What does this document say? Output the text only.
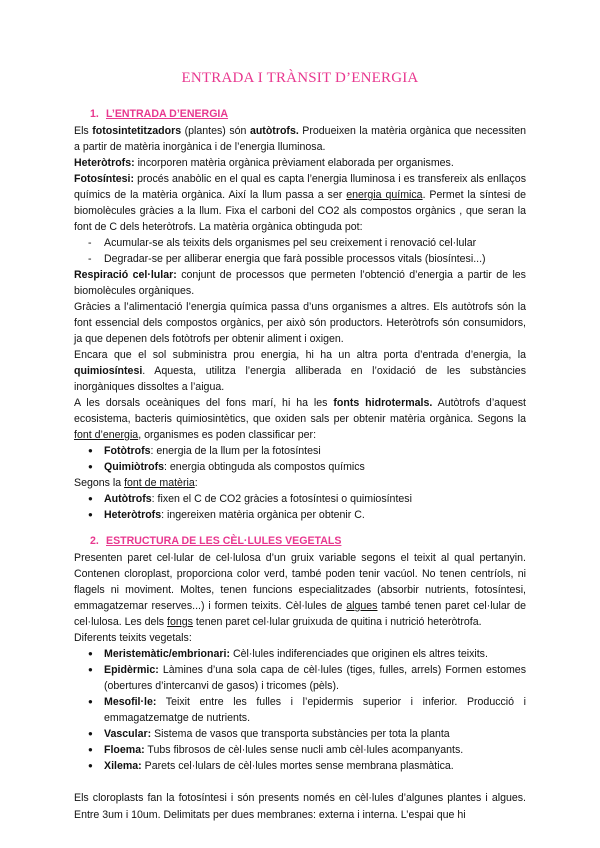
ENTRADA I TRÀNSIT D’ENERGIA
1. L’ENTRADA D’ENERGIA

Els fotosintetitzadors (plantes) són autòtrofs. Produeixen la matèria orgànica que necessiten a partir de matèria inorgànica i de l’energia lluminosa.

Heteròtrofs: incorporen matèria orgànica prèviament elaborada per organismes.

Fotosíntesi: procés anabòlic en el qual es capta l’energia lluminosa i es transfereix als enllaços químics de la matèria orgànica. Així la llum passa a ser energia química. Permet la síntesi de biomolècules gràcies a la llum. Fixa el carboni del CO2 als compostos orgànics , que seran la font de C dels heteròtrofs. La matèria orgànica obtinguda pot:

- Acumular-se als teixits dels organismes pel seu creixement i renovació cel·lular
- Degradar-se per alliberar energia que farà possible processos vitals (biosíntesi...)

Respiració cel·lular: conjunt de processos que permeten l’obtenció d’energia a partir de les biomolècules orgàniques.

Gràcies a l’alimentació l’energia química passa d’uns organismes a altres. Els autòtrofs són la font essencial dels compostos orgànics, per això són productors. Heteròtrofs són consumidors, ja que depenen dels fotòtrofs per obtenir aliment i oxigen.

Encara que el sol subministra prou energia, hi ha un altra porta d’entrada d’energia, la quimiosíntesi. Aquesta, utilitza l’energia alliberada en l’oxidació de les substàncies inorgàniques dissoltes a l’aigua.

A les dorsals oceàniques del fons marí, hi ha les fonts hidrotermals. Autòtrofs d’aquest ecosistema, bacteris quimiosintètics, que oxiden sals per obtenir matèria orgànica. Segons la font d’energia, organismes es poden classificar per:

● Fotòtrofs: energia de la llum per la fotosíntesi
● Quimiòtrofs: energia obtinguda als compostos químics

Segons la font de matèria:

● Autòtrofs: fixen el C de CO2 gràcies a fotosíntesi o quimiosíntesi
● Heteròtrofs: ingereixen matèria orgànica per obtenir C.
2. ESTRUCTURA DE LES CÈL·LULES VEGETALS

Presenten paret cel·lular de cel·lulosa d’un gruix variable segons el teixit al qual pertanyin. Contenen cloroplast, proporciona color verd, també poden tenir vacúol. No tenen centríols, ni flagels ni moviment. Moltes, tenen funcions especialitzades (absorbir nutrients, fotosíntesi, emmagatzemar reserves...) i formen teixits. Cèl·lules de algues també tenen paret cel·lular de cel·lulosa. Les dels fongs tenen paret cel·lular gruixuda de quitina i nutrició heteròtrofa.

Diferents teixits vegetals:

● Meristemàtic/embrionari: Cèl·lules indiferenciades que originen els altres teixits.
● Epidèrmic: Làmines d’una sola capa de cèl·lules (tiges, fulles, arrels) Formen estomes (obertures d’intercanvi de gasos) i tricomes (pèls).
● Mesofil·le: Teixit entre les fulles i l’epidermis superior i inferior. Producció i emmagatzematge de nutrients.
● Vascular: Sistema de vasos que transporta substàncies per tota la planta
● Floema: Tubs fibrosos de cèl·lules sense nucli amb cèl·lules acompanyants.
● Xilema: Parets cel·lulars de cèl·lules mortes sense membrana plasmàtica.

Els cloroplasts fan la fotosíntesi i són presents només en cèl·lules d’algunes plantes i algues. Entre 3um i 10um. Delimitats per dues membranes: externa i interna. L’espai que hi
